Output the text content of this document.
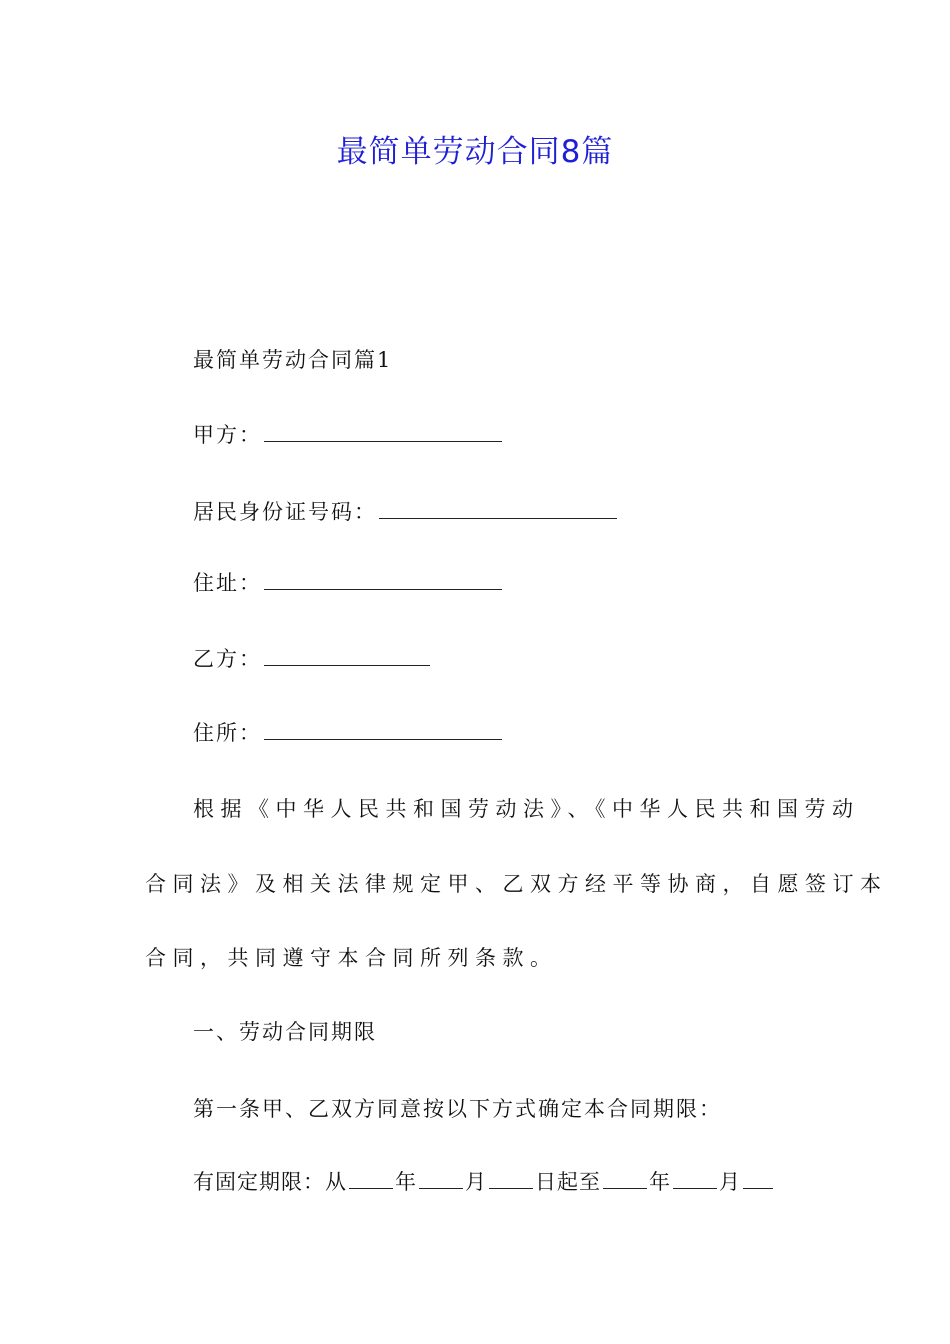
最简单劳动合同8篇
最简单劳动合同篇1
甲方：
居民身份证号码：
住址：
乙方：
住所：
根据《中华人民共和国劳动法》、《中华人民共和国劳动
合同法》及相关法律规定甲、乙双方经平等协商，自愿签订本
合同，共同遵守本合同所列条款。
一、劳动合同期限
第一条甲、乙双方同意按以下方式确定本合同期限：
有固定期限：从 年 月 日起至 年 月
